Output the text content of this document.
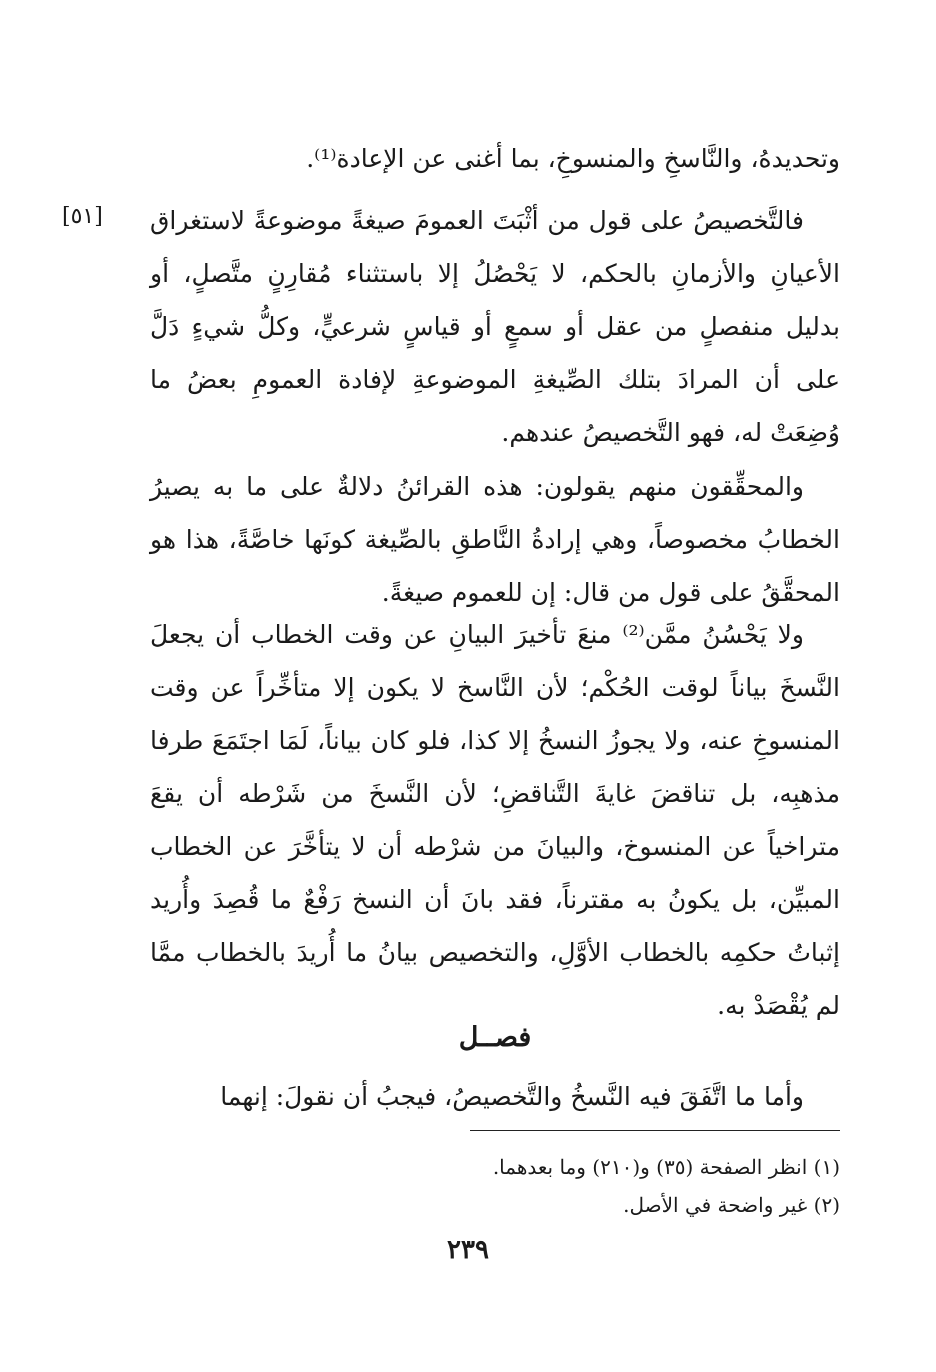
[٥١]
وتحديدهُ، والنَّاسخِ والمنسوخِ، بما أغنى عن الإعادة⁽¹⁾.
فالتَّخصيصُ على قول من أثْبَتَ العمومَ صيغةً موضوعةً لاستغراق الأعيانِ والأزمانِ بالحكم، لا يَحْصُلُ إلا باستثناء مُقارِنٍ متَّصلٍ، أو بدليل منفصلٍ من عقل أو سمعٍ أو قياسٍ شرعيٍّ، وكلُّ شيءٍ دَلَّ على أن المرادَ بتلك الصِّيغةِ الموضوعةِ لإفادة العمومِ بعضُ ما وُضِعَتْ له، فهو التَّخصيصُ عندهم.
والمحقِّقون منهم يقولون: هذه القرائنُ دلالةٌ على ما به يصيرُ الخطابُ مخصوصاً، وهي إرادةُ النَّاطقِ بالصِّيغة كونَها خاصَّةً، هذا هو المحقَّقُ على قول من قال: إن للعموم صيغةً.
ولا يَحْسُنُ ممَّن⁽²⁾ منعَ تأخيرَ البيانِ عن وقت الخطاب أن يجعلَ النَّسخَ بياناً لوقت الحُكْم؛ لأن النَّاسخ لا يكون إلا متأخِّراً عن وقت المنسوخِ عنه، ولا يجوزُ النسخُ إلا كذا، فلو كان بياناً، لَمَا اجتَمَعَ طرفا مذهبِه، بل تناقضَ غايةَ التَّناقضِ؛ لأن النَّسخَ من شَرْطه أن يقعَ متراخياً عن المنسوخ، والبيانَ من شرْطه أن لا يتأخَّرَ عن الخطاب المبيِّن، بل يكونُ به مقترناً، فقد بانَ أن النسخ رَفْعٌ ما قُصِدَ وأُريد إثباتُ حكمِه بالخطاب الأوَّلِ، والتخصيص بيانُ ما أُريدَ بالخطاب ممَّا لم يُقْصَدْ به.
فصــل
وأما ما اتَّفَقَ فيه النَّسخُ والتَّخصيصُ، فيجبُ أن نقولَ: إنهما
(١) انظر الصفحة (٣٥) و(٢١٠) وما بعدهما.
(٢) غير واضحة في الأصل.
٢٣٩
